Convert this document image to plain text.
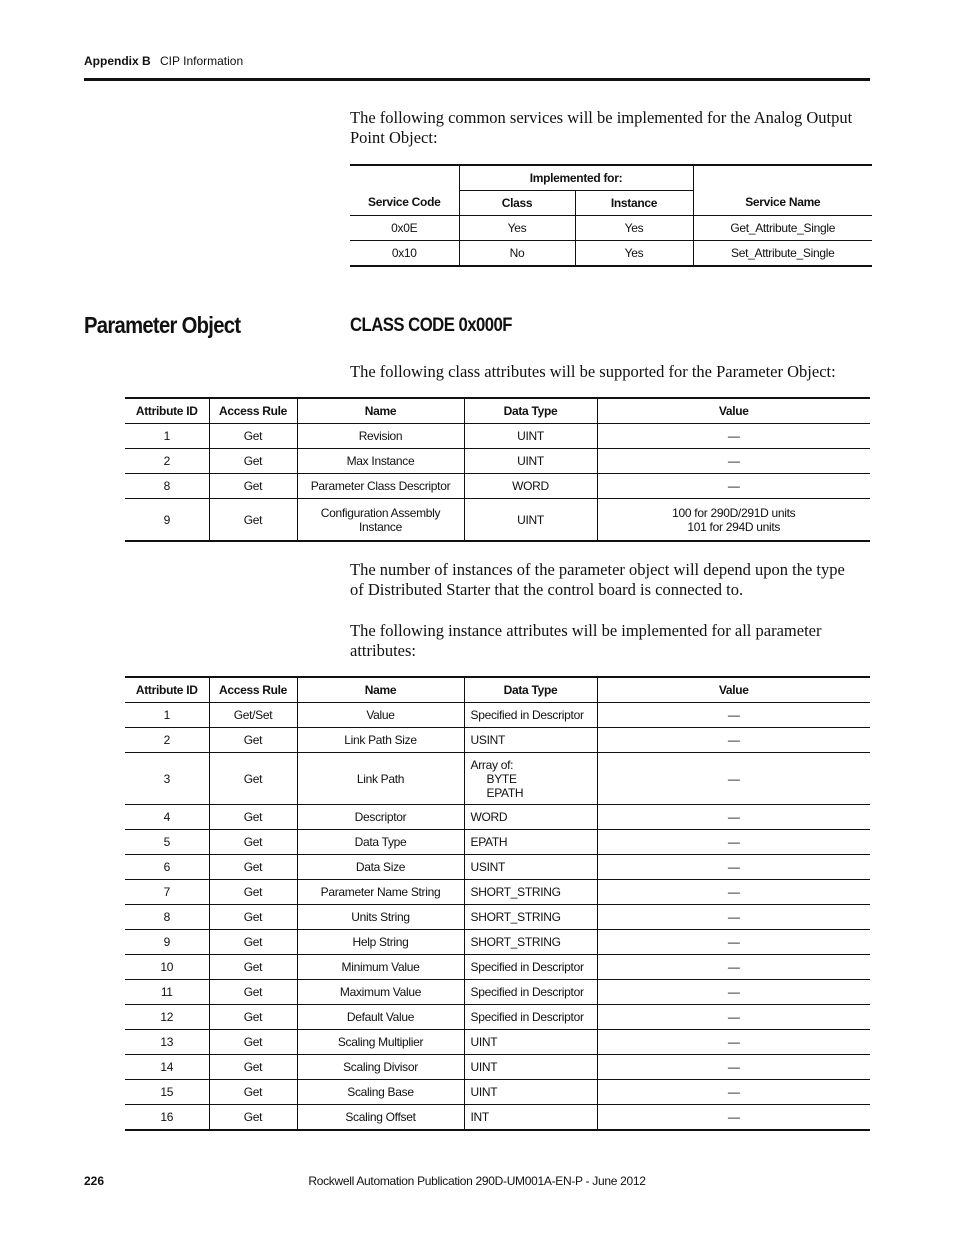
Appendix B CIP Information
The following common services will be implemented for the Analog Output Point Object:
Service Code	Implemented for:		Service Name
	Class	Instance	
0x0E	Yes	Yes	Get_Attribute_Single
0x10	No	Yes	Set_Attribute_Single
Parameter Object	CLASS CODE 0x000F
The following class attributes will be supported for the Parameter Object:
Attribute ID	Access Rule	Name	Data Type	Value
1	Get	Revision	UINT	—
2	Get	Max Instance	UINT	—
8	Get	Parameter Class Descriptor	WORD	—
9	Get	Configuration Assembly Instance	UINT	100 for 290D/291D units
101 for 294D units
The number of instances of the parameter object will depend upon the type of Distributed Starter that the control board is connected to.
The following instance attributes will be implemented for all parameter attributes:
Attribute ID	Access Rule	Name	Data Type	Value
1	Get/Set	Value	Specified in Descriptor	—
2	Get	Link Path Size	USINT	—
3	Get	Link Path	Array of:
BYTE
EPATH	—
4	Get	Descriptor	WORD	—
5	Get	Data Type	EPATH	—
6	Get	Data Size	USINT	—
7	Get	Parameter Name String	SHORT_STRING	—
8	Get	Units String	SHORT_STRING	—
9	Get	Help String	SHORT_STRING	—
10	Get	Minimum Value	Specified in Descriptor	—
11	Get	Maximum Value	Specified in Descriptor	—
12	Get	Default Value	Specified in Descriptor	—
13	Get	Scaling Multiplier	UINT	—
14	Get	Scaling Divisor	UINT	—
15	Get	Scaling Base	UINT	—
16	Get	Scaling Offset	INT	—
Rockwell Automation Publication 290D-UM001A-EN-P - June 2012
226
